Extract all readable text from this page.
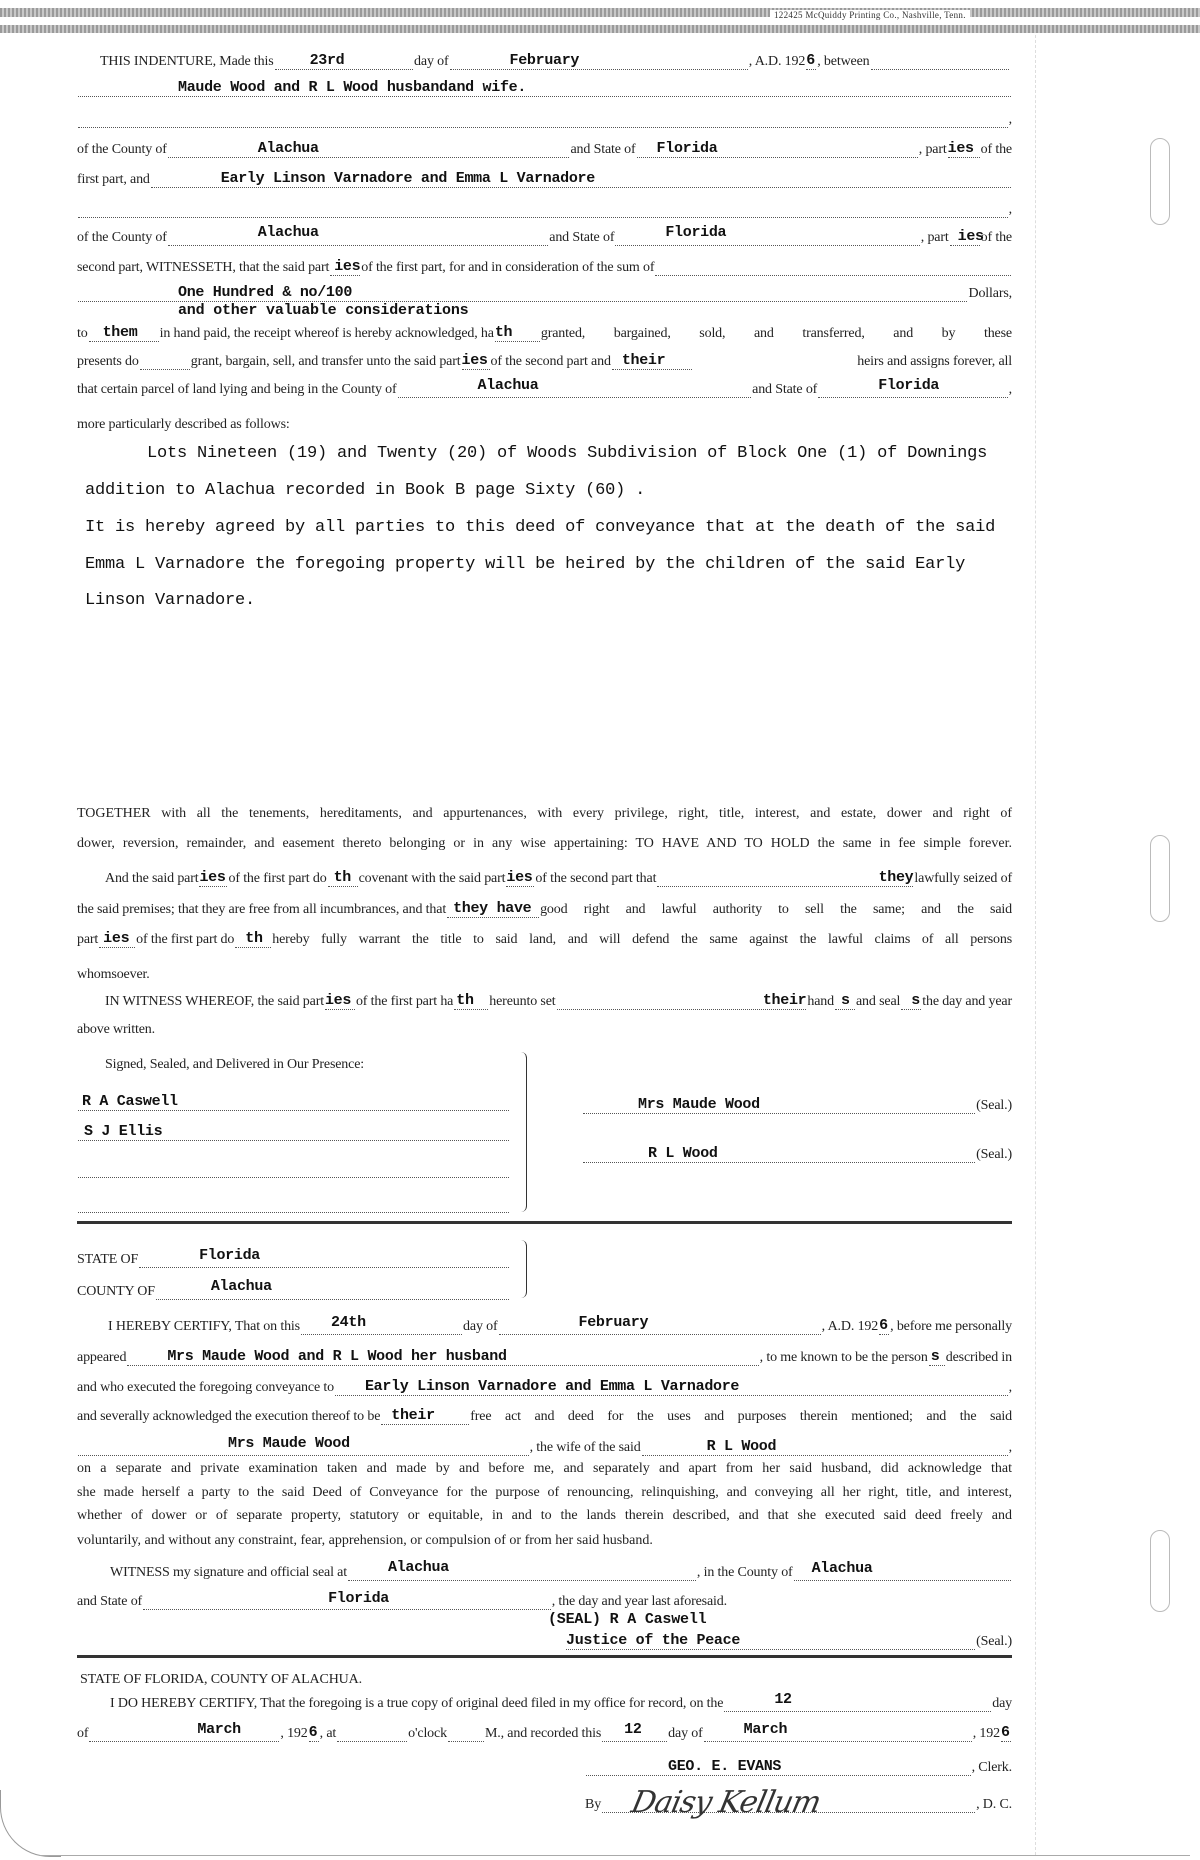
122425 McQuiddy Printing Co., Nashville, Tenn.
THIS INDENTURE, Made this 23rd	day of	February	, A.D. 192 6 , between
Maude Wood and R L Wood husbandand wife.
,
of the County of	Alachua	and State of Florida	, part ies of the
first part, and	Early Linson Varnadore and Emma L Varnadore
,
of the County of	Alachua	and State of	Florida	, part ies
of the
second part, WITNESSETH, that the said part ies of the first part, for and in consideration of the sum of
One Hundred & no/100	Dollars,
and other valuable considerations
to them in hand paid, the receipt whereof is hereby acknowledged, ha th granted, bargained, sold, and transferred, and by these
presents do	grant, bargain, sell, and transfer unto the said part ies of the second part and their	heirs and assigns forever, all
that certain parcel of land lying and being in the County of	Alachua	and State of	Florida	,
more particularly described as follows:
Lots Nineteen (19) and Twenty (20) of Woods Subdivision of Block One (1) of Downings
addition to Alachua recorded in Book B page Sixty (60) .
It is hereby agreed by all parties to this deed of conveyance that at the death of the said
Emma L Varnadore the foregoing property will be heired by the children of the said Early
Linson Varnadore.
TOGETHER with all the tenements, hereditaments, and appurtenances, with every privilege, right, title, interest, and estate, dower and right of
dower, reversion, remainder, and easement thereto belonging or in any wise appertaining: TO HAVE AND TO HOLD the same in fee simple forever.
And the said part ies of the first part do th covenant with the said part ies of the second part that	they lawfully seized of
the said premises; that they are free from all incumbrances, and that they have good right and lawful authority to sell the same; and the said
part ies of the first part do th hereby fully warrant the title to said land, and will defend the same against the lawful claims of all persons
whomsoever.
IN WITNESS WHEREOF, the said part ies of the first part ha th hereunto set	their hand s and seal s the day and year
above written.
Signed, Sealed, and Delivered in Our Presence:
R A Caswell
S J Ellis
Mrs Maude Wood	(Seal.)
R L Wood	(Seal.)
STATE OF	Florida
COUNTY OF	Alachua
I HEREBY CERTIFY, That on this 24th	day of	February	, A.D. 192 6 , before me personally
appeared	Mrs Maude Wood and R L Wood her husband	, to me known to be the person s described in
and who executed the foregoing conveyance to Early Linson Varnadore and Emma L Varnadore	,
and severally acknowledged the execution thereof to be their	free act and deed for the uses and purposes therein mentioned; and the said
Mrs Maude Wood	, the wife of the said	R L Wood	,
on a separate and private examination taken and made by and before me, and separately and apart from her said husband, did acknowledge that
she made herself a party to the said Deed of Conveyance for the purpose of renouncing, relinquishing, and conveying all her right, title, and interest,
whether of dower or of separate property, statutory or equitable, in and to the lands therein described, and that she executed said deed freely and
voluntarily, and without any constraint, fear, apprehension, or compulsion of or from her said husband.
WITNESS my signature and official seal at	Alachua	, in the County of Alachua
and State of	Florida	, the day and year last aforesaid.
(SEAL) R A Caswell
Justice of the Peace	(Seal.)
STATE OF FLORIDA, COUNTY OF ALACHUA.
I DO HEREBY CERTIFY, That the foregoing is a true copy of original deed filed in my office for record, on the	12	day
of	March	, 192 6 , at	o'clock	M., and recorded this 12 day of	March	, 192 6
GEO. E. EVANS	, Clerk.
By Daisy Kellum	, D. C.
